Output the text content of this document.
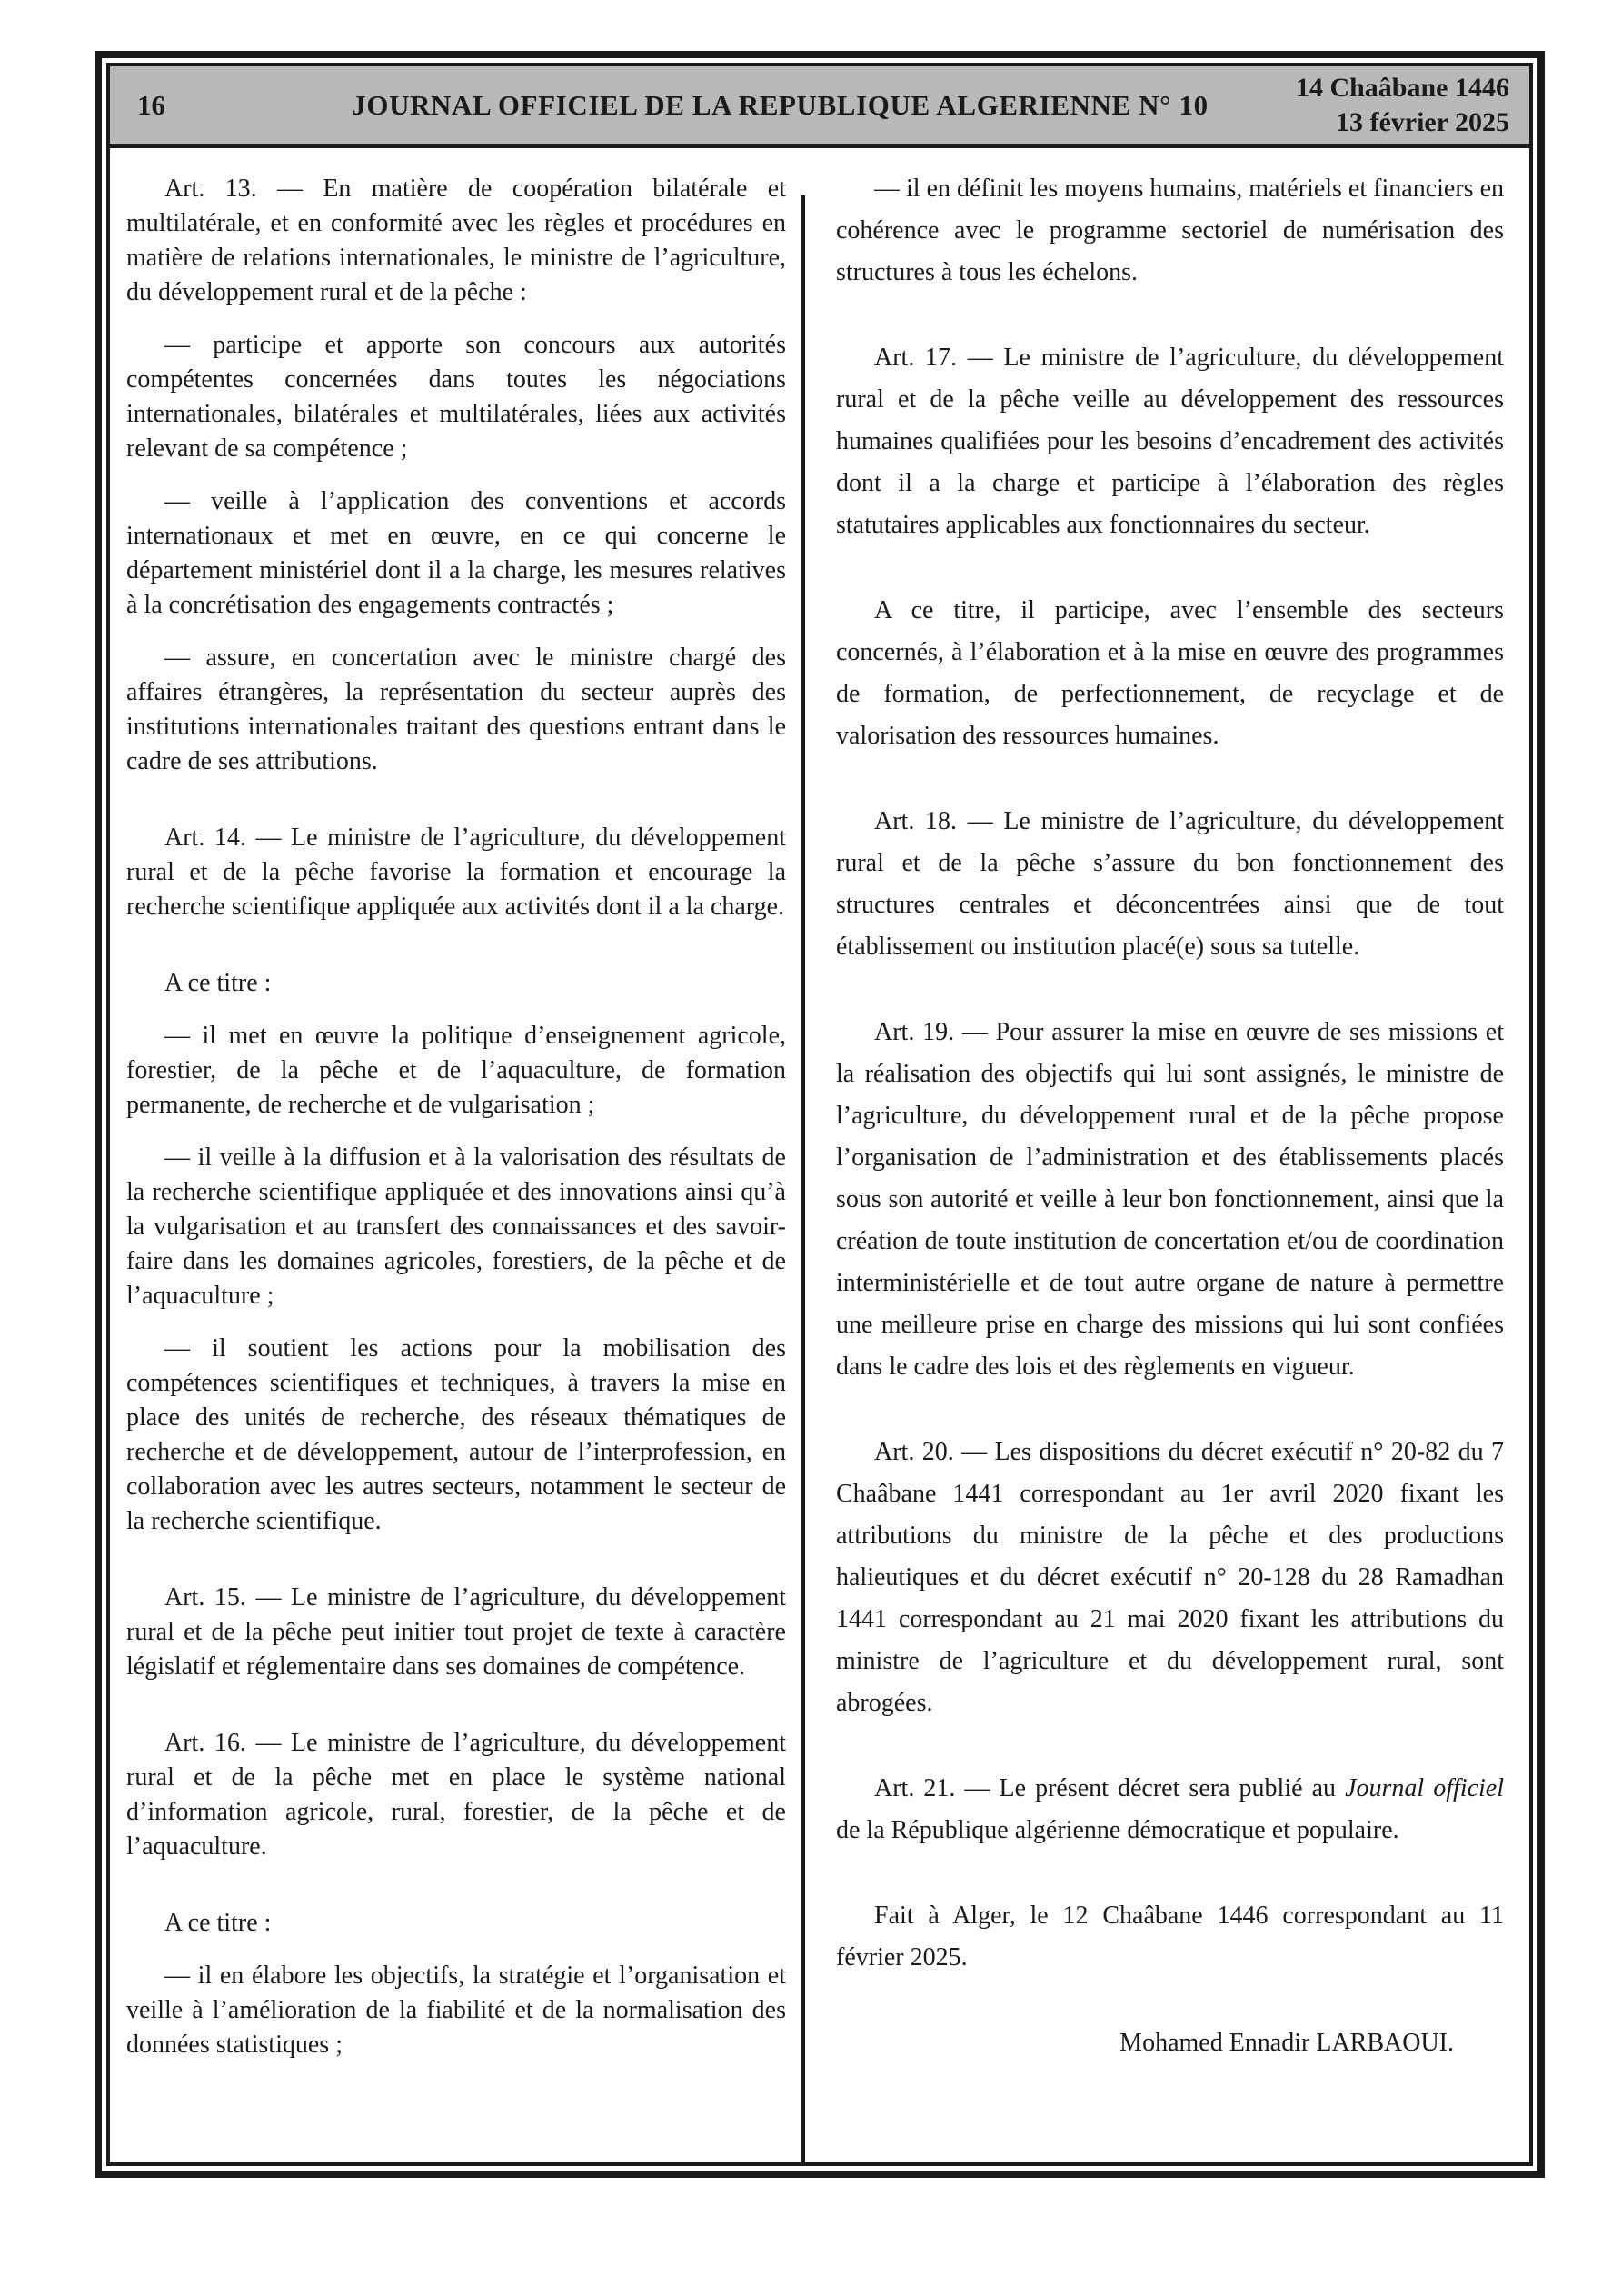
16	JOURNAL OFFICIEL DE LA REPUBLIQUE ALGERIENNE N° 10
14 Chaâbane 1446
13 février 2025

Art. 13. — En matière de coopération bilatérale et multilatérale, et en conformité avec les règles et procédures en matière de relations internationales, le ministre de l’agriculture, du développement rural et de la pêche :

— participe et apporte son concours aux autorités compétentes concernées dans toutes les négociations internationales, bilatérales et multilatérales, liées aux activités relevant de sa compétence ;

— veille à l’application des conventions et accords internationaux et met en œuvre, en ce qui concerne le département ministériel dont il a la charge, les mesures relatives à la concrétisation des engagements contractés ;

— assure, en concertation avec le ministre chargé des affaires étrangères, la représentation du secteur auprès des institutions internationales traitant des questions entrant dans le cadre de ses attributions.

Art. 14. — Le ministre de l’agriculture, du développement rural et de la pêche favorise la formation et encourage la recherche scientifique appliquée aux activités dont il a la charge.

A ce titre :

— il met en œuvre la politique d’enseignement agricole, forestier, de la pêche et de l’aquaculture, de formation permanente, de recherche et de vulgarisation ;

— il veille à la diffusion et à la valorisation des résultats de la recherche scientifique appliquée et des innovations ainsi qu’à la vulgarisation et au transfert des connaissances et des savoir-faire dans les domaines agricoles, forestiers, de la pêche et de l’aquaculture ;

— il soutient les actions pour la mobilisation des compétences scientifiques et techniques, à travers la mise en place des unités de recherche, des réseaux thématiques de recherche et de développement, autour de l’interprofession, en collaboration avec les autres secteurs, notamment le secteur de la recherche scientifique.

Art. 15. — Le ministre de l’agriculture, du développement rural et de la pêche peut initier tout projet de texte à caractère législatif et réglementaire dans ses domaines de compétence.

Art. 16. — Le ministre de l’agriculture, du développement rural et de la pêche met en place le système national d’information agricole, rural, forestier, de la pêche et de l’aquaculture.

A ce titre :

— il en élabore les objectifs, la stratégie et l’organisation et veille à l’amélioration de la fiabilité et de la normalisation des données statistiques ;

— il en définit les moyens humains, matériels et financiers en cohérence avec le programme sectoriel de numérisation des structures à tous les échelons.

Art. 17. — Le ministre de l’agriculture, du développement rural et de la pêche veille au développement des ressources humaines qualifiées pour les besoins d’encadrement des activités dont il a la charge et participe à l’élaboration des règles statutaires applicables aux fonctionnaires du secteur.

A ce titre, il participe, avec l’ensemble des secteurs concernés, à l’élaboration et à la mise en œuvre des programmes de formation, de perfectionnement, de recyclage et de valorisation des ressources humaines.

Art. 18. — Le ministre de l’agriculture, du développement rural et de la pêche s’assure du bon fonctionnement des structures centrales et déconcentrées ainsi que de tout établissement ou institution placé(e) sous sa tutelle.

Art. 19. — Pour assurer la mise en œuvre de ses missions et la réalisation des objectifs qui lui sont assignés, le ministre de l’agriculture, du développement rural et de la pêche propose l’organisation de l’administration et des établissements placés sous son autorité et veille à leur bon fonctionnement, ainsi que la création de toute institution de concertation et/ou de coordination interministérielle et de tout autre organe de nature à permettre une meilleure prise en charge des missions qui lui sont confiées dans le cadre des lois et des règlements en vigueur.

Art. 20. — Les dispositions du décret exécutif n° 20-82 du 7 Chaâbane 1441 correspondant au 1er avril 2020 fixant les attributions du ministre de la pêche et des productions halieutiques et du décret exécutif n° 20-128 du 28 Ramadhan 1441 correspondant au 21 mai 2020 fixant les attributions du ministre de l’agriculture et du développement rural, sont abrogées.

Art. 21. — Le présent décret sera publié au Journal officiel de la République algérienne démocratique et populaire.

Fait à Alger, le 12 Chaâbane 1446 correspondant au 11 février 2025.

Mohamed Ennadir LARBAOUI.
